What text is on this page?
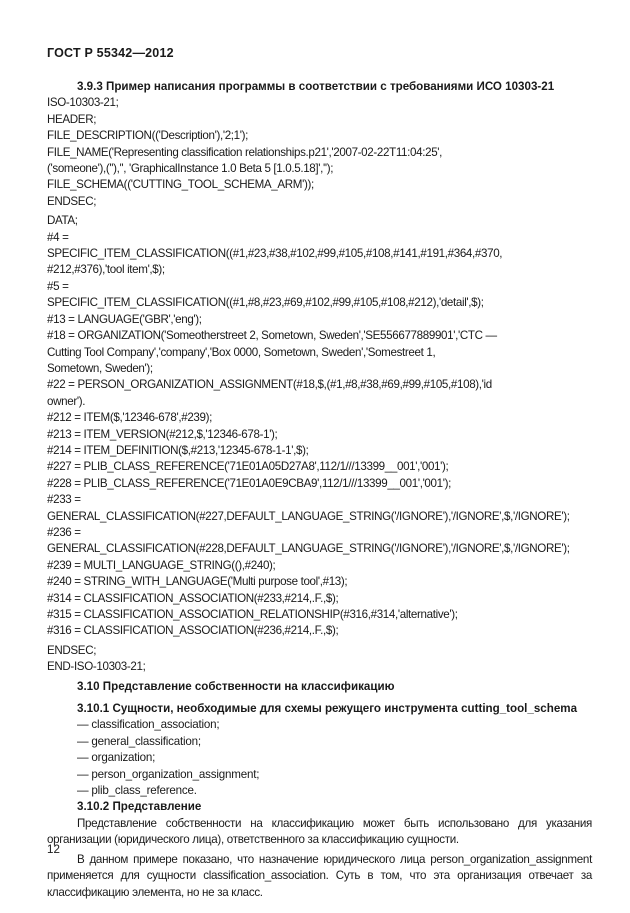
ГОСТ Р 55342—2012
3.9.3 Пример написания программы в соответствии с требованиями ИСО 10303-21
ISO-10303-21;
HEADER;
FILE_DESCRIPTION(('Description'),'2;1');
FILE_NAME('Representing classification relationships.p21','2007-02-22T11:04:25',
('someone'),(''),'', 'GraphicalInstance 1.0 Beta 5 [1.0.5.18]','');
FILE_SCHEMA(('CUTTING_TOOL_SCHEMA_ARM'));
ENDSEC;
DATA;
#4 =
SPECIFIC_ITEM_CLASSIFICATION((#1,#23,#38,#102,#99,#105,#108,#141,#191,#364,#370,
#212,#376),'tool item',$);
#5 =
SPECIFIC_ITEM_CLASSIFICATION((#1,#8,#23,#69,#102,#99,#105,#108,#212),'detail',$);
#13 = LANGUAGE('GBR','eng');
#18 = ORGANIZATION('Someotherstreet 2, Sometown, Sweden','SE556677889901','CTC —
Cutting Tool Company','company','Box 0000, Sometown, Sweden','Somestreet 1,
Sometown, Sweden');
#22 = PERSON_ORGANIZATION_ASSIGNMENT(#18,$,(#1,#8,#38,#69,#99,#105,#108),'id
owner').
#212 = ITEM($,'12346-678',#239);
#213 = ITEM_VERSION(#212,$,'12346-678-1');
#214 = ITEM_DEFINITION($,#213,'12345-678-1-1',$);
#227 = PLIB_CLASS_REFERENCE('71E01A05D27A8',112/1///13399__001','001');
#228 = PLIB_CLASS_REFERENCE('71E01A0E9CBA9',112/1///13399__001','001');
#233 =
GENERAL_CLASSIFICATION(#227,DEFAULT_LANGUAGE_STRING('/IGNORE'),'/IGNORE',$,'/IGNORE');
#236 =
GENERAL_CLASSIFICATION(#228,DEFAULT_LANGUAGE_STRING('/IGNORE'),'/IGNORE',$,'/IGNORE');
#239 = MULTI_LANGUAGE_STRING((),#240);
#240 = STRING_WITH_LANGUAGE('Multi purpose tool',#13);
#314 = CLASSIFICATION_ASSOCIATION(#233,#214,.F.,$);
#315 = CLASSIFICATION_ASSOCIATION_RELATIONSHIP(#316,#314,'alternative');
#316 = CLASSIFICATION_ASSOCIATION(#236,#214,.F.,$);
ENDSEC;
END-ISO-10303-21;
3.10 Представление собственности на классификацию
3.10.1 Сущности, необходимые для схемы режущего инструмента cutting_tool_schema
— classification_association;
— general_classification;
— organization;
— person_organization_assignment;
— plib_class_reference.
3.10.2 Представление
Представление собственности на классификацию может быть использовано для указания организации (юридического лица), ответственного за классификацию сущности.
В данном примере показано, что назначение юридического лица person_organization_assignment применяется для сущности classification_association. Суть в том, что эта организация отвечает за классификацию элемента, но не за класс.
12
